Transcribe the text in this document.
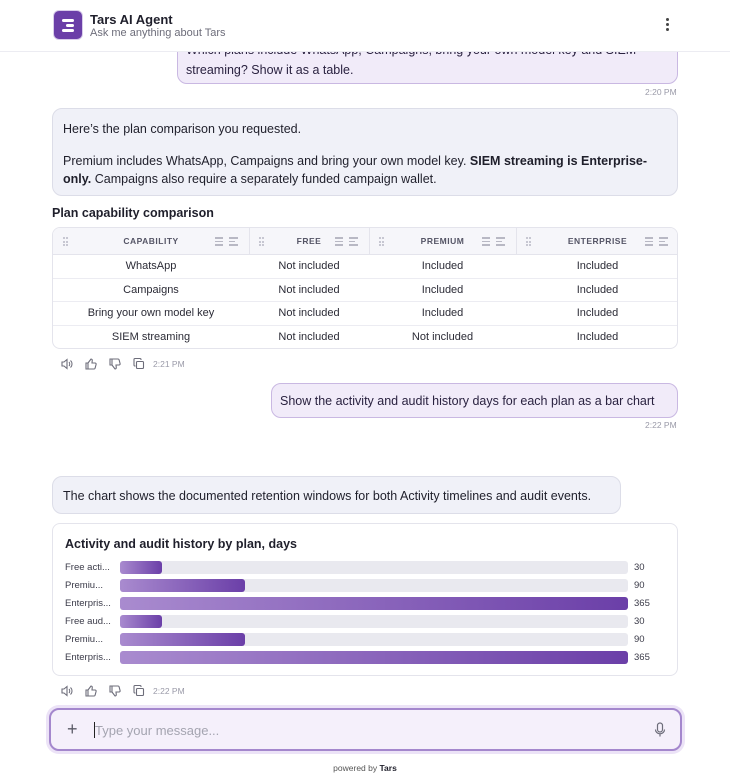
Tars AI Agent
Ask me anything about Tars
streaming? Show it as a table.
2:20 PM
Here’s the plan comparison you requested.
Premium includes WhatsApp, Campaigns and bring your own model key. SIEM streaming is Enterprise-only. Campaigns also require a separately funded campaign wallet.
Plan capability comparison
CAPABILITY	FREE	PREMIUM	ENTERPRISE
WhatsApp	Not included	Included	Included
Campaigns	Not included	Included	Included
Bring your own model key	Not included	Included	Included
SIEM streaming	Not included	Not included	Included
2:21 PM
Show the activity and audit history days for each plan as a bar chart
2:22 PM
The chart shows the documented retention windows for both Activity timelines and audit events.
Activity and audit history by plan, days
Free acti...	30
Premiu...	90
Enterpris...	365
Free aud...	30
Premiu...	90
Enterpris...	365
2:22 PM
+
Type your message...
powered by Tars
